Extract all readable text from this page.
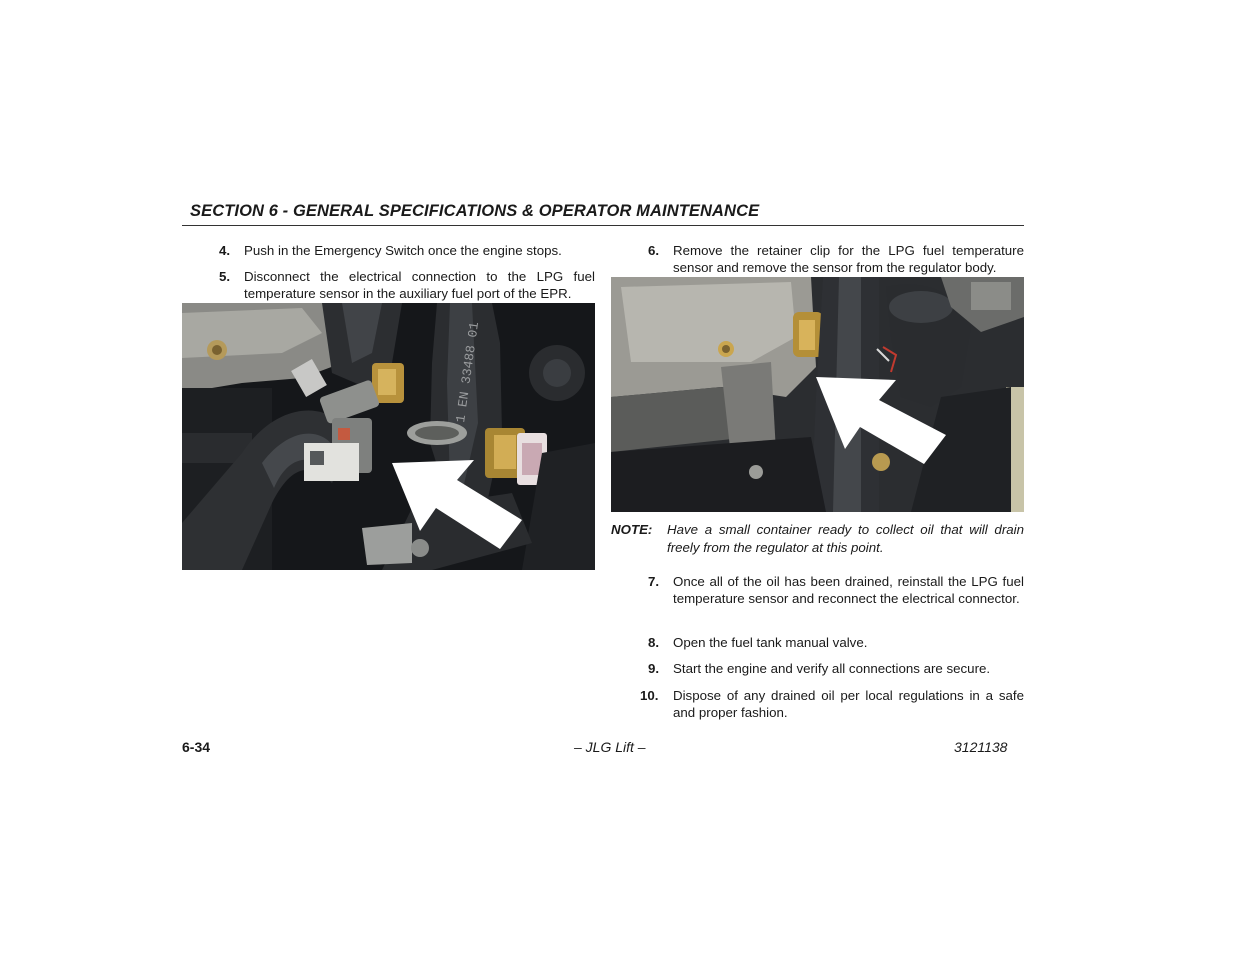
SECTION 6 - GENERAL SPECIFICATIONS & OPERATOR MAINTENANCE
4. Push in the Emergency Switch once the engine stops.
5. Disconnect the electrical connection to the LPG fuel temperature sensor in the auxiliary fuel port of the EPR.
1 EN 33488 01
6. Remove the retainer clip for the LPG fuel temperature sensor and remove the sensor from the regulator body.
NOTE: Have a small container ready to collect oil that will drain freely from the regulator at this point.
7. Once all of the oil has been drained, reinstall the LPG fuel temperature sensor and reconnect the electrical connector.
8. Open the fuel tank manual valve.
9. Start the engine and verify all connections are secure.
10. Dispose of any drained oil per local regulations in a safe and proper fashion.
6-34	– JLG Lift –	3121138
